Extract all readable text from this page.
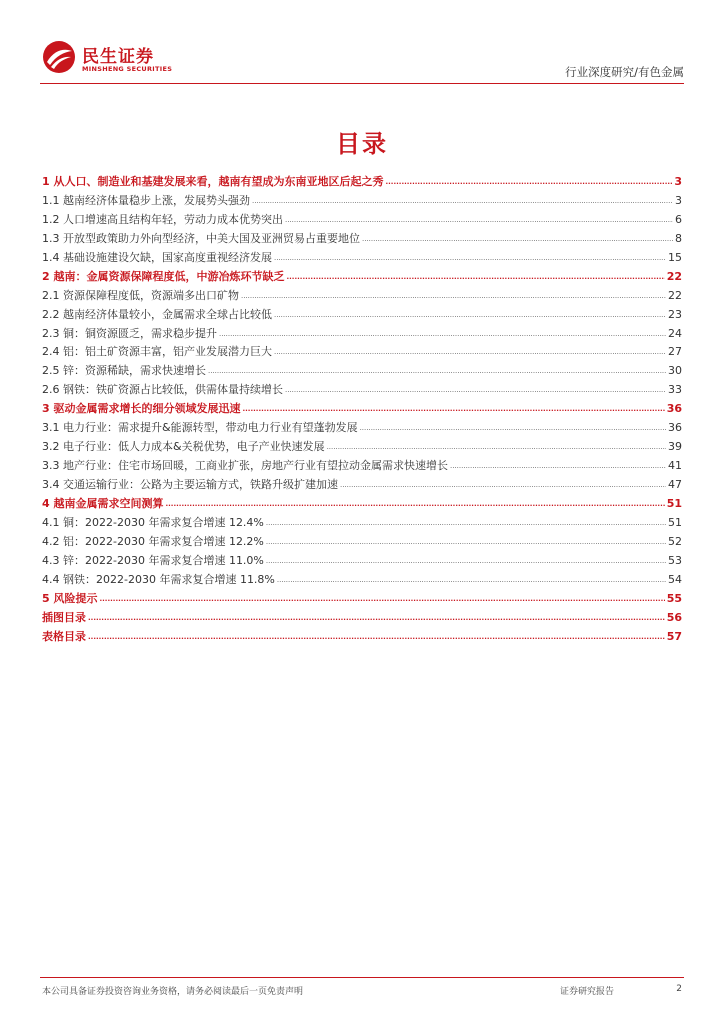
民生证券
MINSHENG SECURITIES	行业深度研究/有色金属
目录
1 从人口、制造业和基建发展来看，越南有望成为东南亚地区后起之秀 .....	3
1.1 越南经济体量稳步上涨，发展势头强劲 .....	3
1.2 人口增速高且结构年轻，劳动力成本优势突出 .....	6
1.3 开放型政策助力外向型经济，中美大国及亚洲贸易占重要地位 .....	8
1.4 基础设施建设欠缺，国家高度重视经济发展 .....	15
2 越南：金属资源保障程度低，中游冶炼环节缺乏 .....	22
2.1 资源保障程度低，资源端多出口矿物 .....	22
2.2 越南经济体量较小，金属需求全球占比较低 .....	23
2.3 铜：铜资源匮乏，需求稳步提升 .....	24
2.4 铝：铝土矿资源丰富，铝产业发展潜力巨大 .....	27
2.5 锌：资源稀缺，需求快速增长 .....	30
2.6 钢铁：铁矿资源占比较低，供需体量持续增长 .....	33
3 驱动金属需求增长的细分领域发展迅速 .....	36
3.1 电力行业：需求提升&能源转型，带动电力行业有望蓬勃发展 .....	36
3.2 电子行业：低人力成本&关税优势，电子产业快速发展 .....	39
3.3 地产行业：住宅市场回暖，工商业扩张，房地产行业有望拉动金属需求快速增长 .....	41
3.4 交通运输行业：公路为主要运输方式，铁路升级扩建加速 .....	47
4 越南金属需求空间测算 .....	51
4.1 铜：2022-2030 年需求复合增速 12.4% .....	51
4.2 铝：2022-2030 年需求复合增速 12.2% .....	52
4.3 锌：2022-2030 年需求复合增速 11.0% .....	53
4.4 钢铁：2022-2030 年需求复合增速 11.8% .....	54
5 风险提示 .....	55
插图目录 .....	56
表格目录 .....	57
本公司具备证券投资咨询业务资格，请务必阅读最后一页免责声明	证券研究报告	2
